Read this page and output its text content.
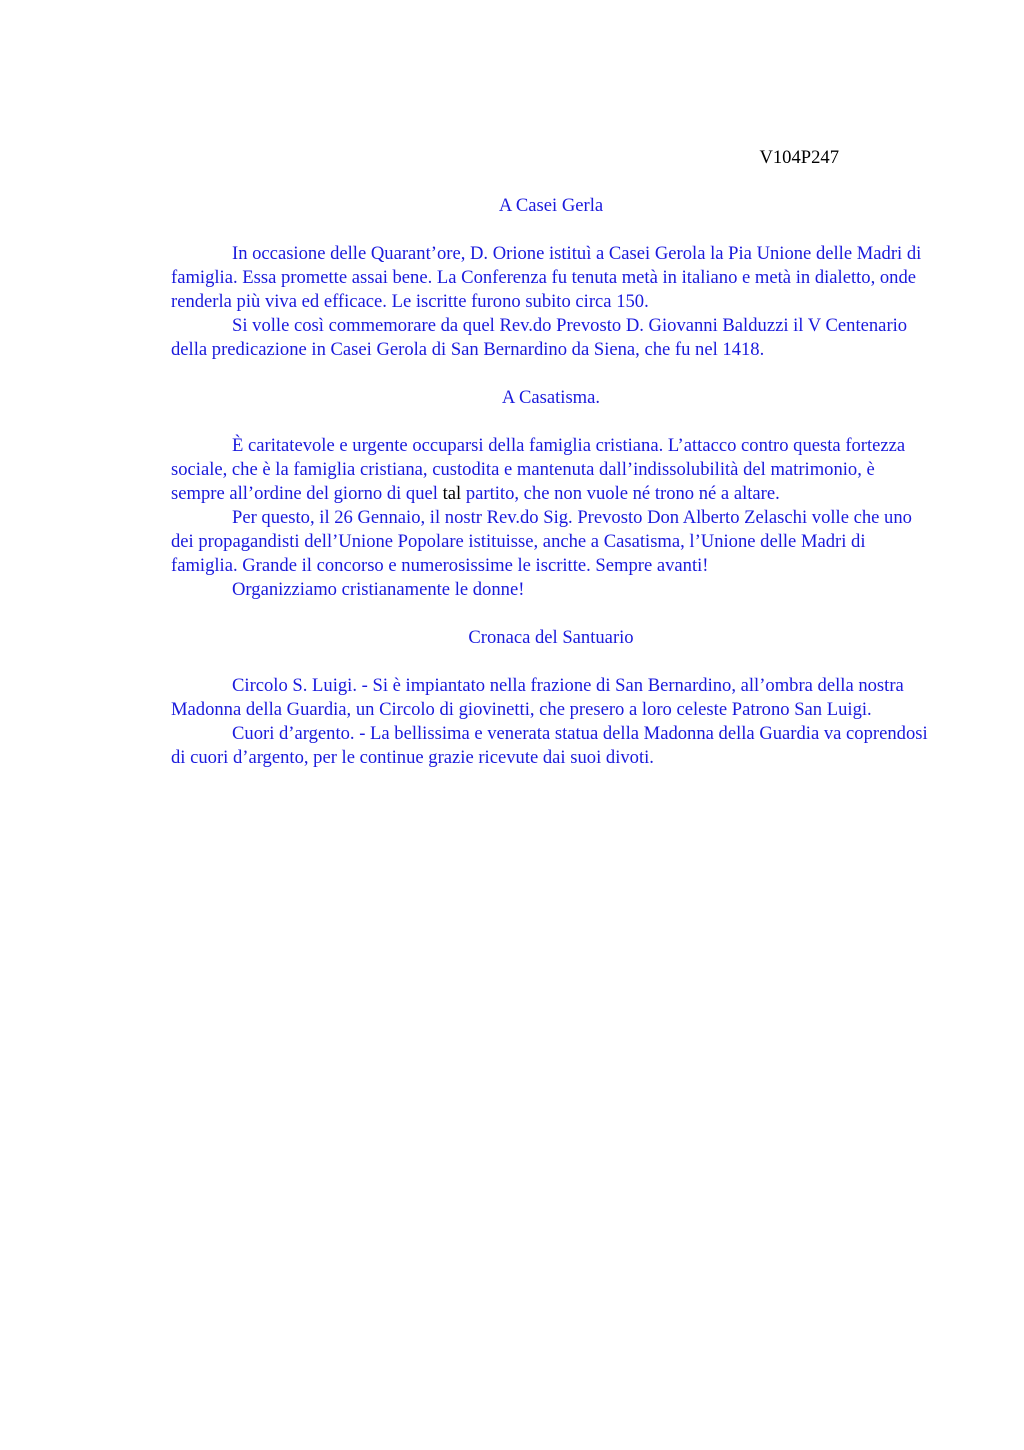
V104P247

A Casei Gerla

In occasione delle Quarant’ore, D. Orione istituì a Casei Gerola la Pia Unione delle Madri di famiglia. Essa promette assai bene. La Conferenza fu tenuta metà in italiano e metà in dialetto, onde renderla più viva ed efficace. Le iscritte furono subito circa 150.

Si volle così commemorare da quel Rev.do Prevosto D. Giovanni Balduzzi il V Centenario della predicazione in Casei Gerola di San Bernardino da Siena, che fu nel 1418.

A Casatisma.

È caritatevole e urgente occuparsi della famiglia cristiana. L’attacco contro questa fortezza sociale, che è la famiglia cristiana, custodita e mantenuta dall’indissolubilità del matrimonio, è sempre all’ordine del giorno di quel tal partito, che non vuole né trono né a altare.

Per questo, il 26 Gennaio, il nostr Rev.do Sig. Prevosto Don Alberto Zelaschi volle che uno dei propagandisti dell’Unione Popolare istituisse, anche a Casatisma, l’Unione delle Madri di famiglia. Grande il concorso e numerosissime le iscritte. Sempre avanti!

Organizziamo cristianamente le donne!

Cronaca del Santuario

Circolo S. Luigi. - Si è impiantato nella frazione di San Bernardino, all’ombra della nostra Madonna della Guardia, un Circolo di giovinetti, che presero a loro celeste Patrono San Luigi.

Cuori d’argento. - La bellissima e venerata statua della Madonna della Guardia va coprendosi di cuori d’argento, per le continue grazie ricevute dai suoi divoti.
